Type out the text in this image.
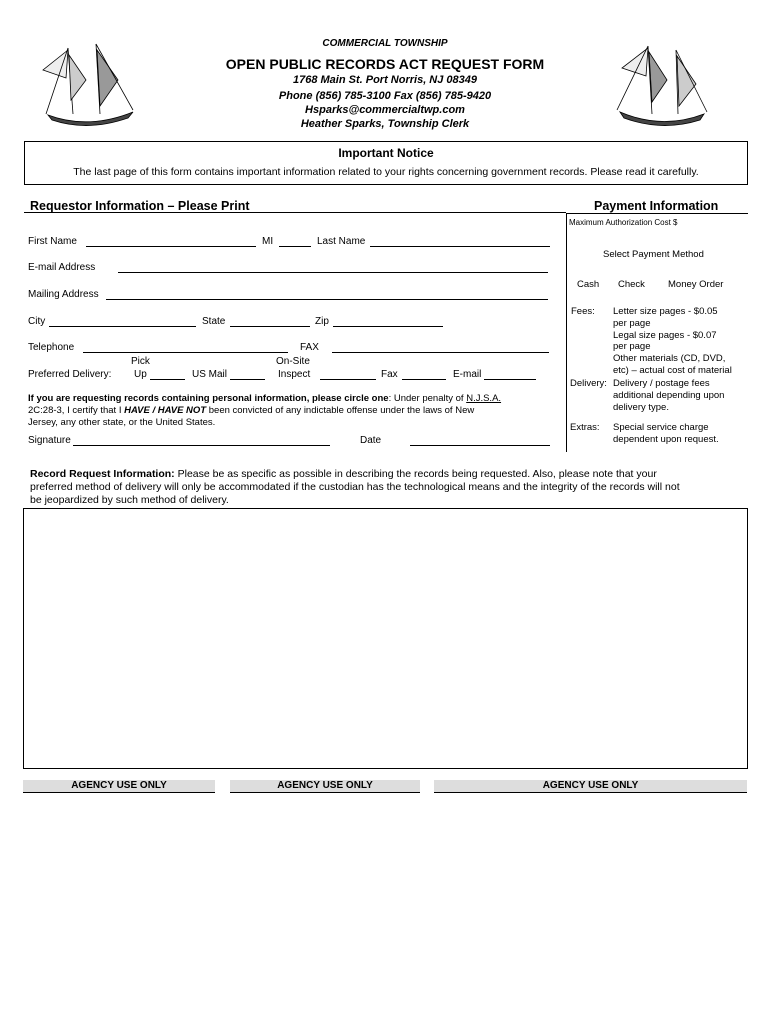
COMMERCIAL TOWNSHIP
OPEN PUBLIC RECORDS ACT REQUEST FORM
1768 Main St. Port Norris, NJ 08349
Phone (856) 785-3100 Fax (856) 785-9420
Hsparks@commercialtwp.com
Heather Sparks, Township Clerk
Important Notice
The last page of this form contains important information related to your rights concerning government records. Please read it carefully.
Requestor Information – Please Print
First Name	MI	Last Name
E-mail Address
Mailing Address
City	State	Zip
Telephone	FAX
Pick	On-Site
Preferred Delivery: Up	US Mail	Inspect	Fax	E-mail
If you are requesting records containing personal information, please circle one: Under penalty of N.J.S.A.
2C:28-3, I certify that I HAVE / HAVE NOT been convicted of any indictable offense under the laws of New
Jersey, any other state, or the United States.
Signature	Date
Payment Information
Maximum Authorization Cost $
Select Payment Method
Cash Check Money Order
Fees: Letter size pages - $0.05
per page
Legal size pages - $0.07
per page
Other materials (CD, DVD,
etc) – actual cost of material
Delivery: Delivery / postage fees
additional depending upon
delivery type.
Extras: Special service charge
dependent upon request.
Record Request Information: Please be as specific as possible in describing the records being requested. Also, please note that your
preferred method of delivery will only be accommodated if the custodian has the technological means and the integrity of the records will not
be jeopardized by such method of delivery.
AGENCY USE ONLY	AGENCY USE ONLY	AGENCY USE ONLY
